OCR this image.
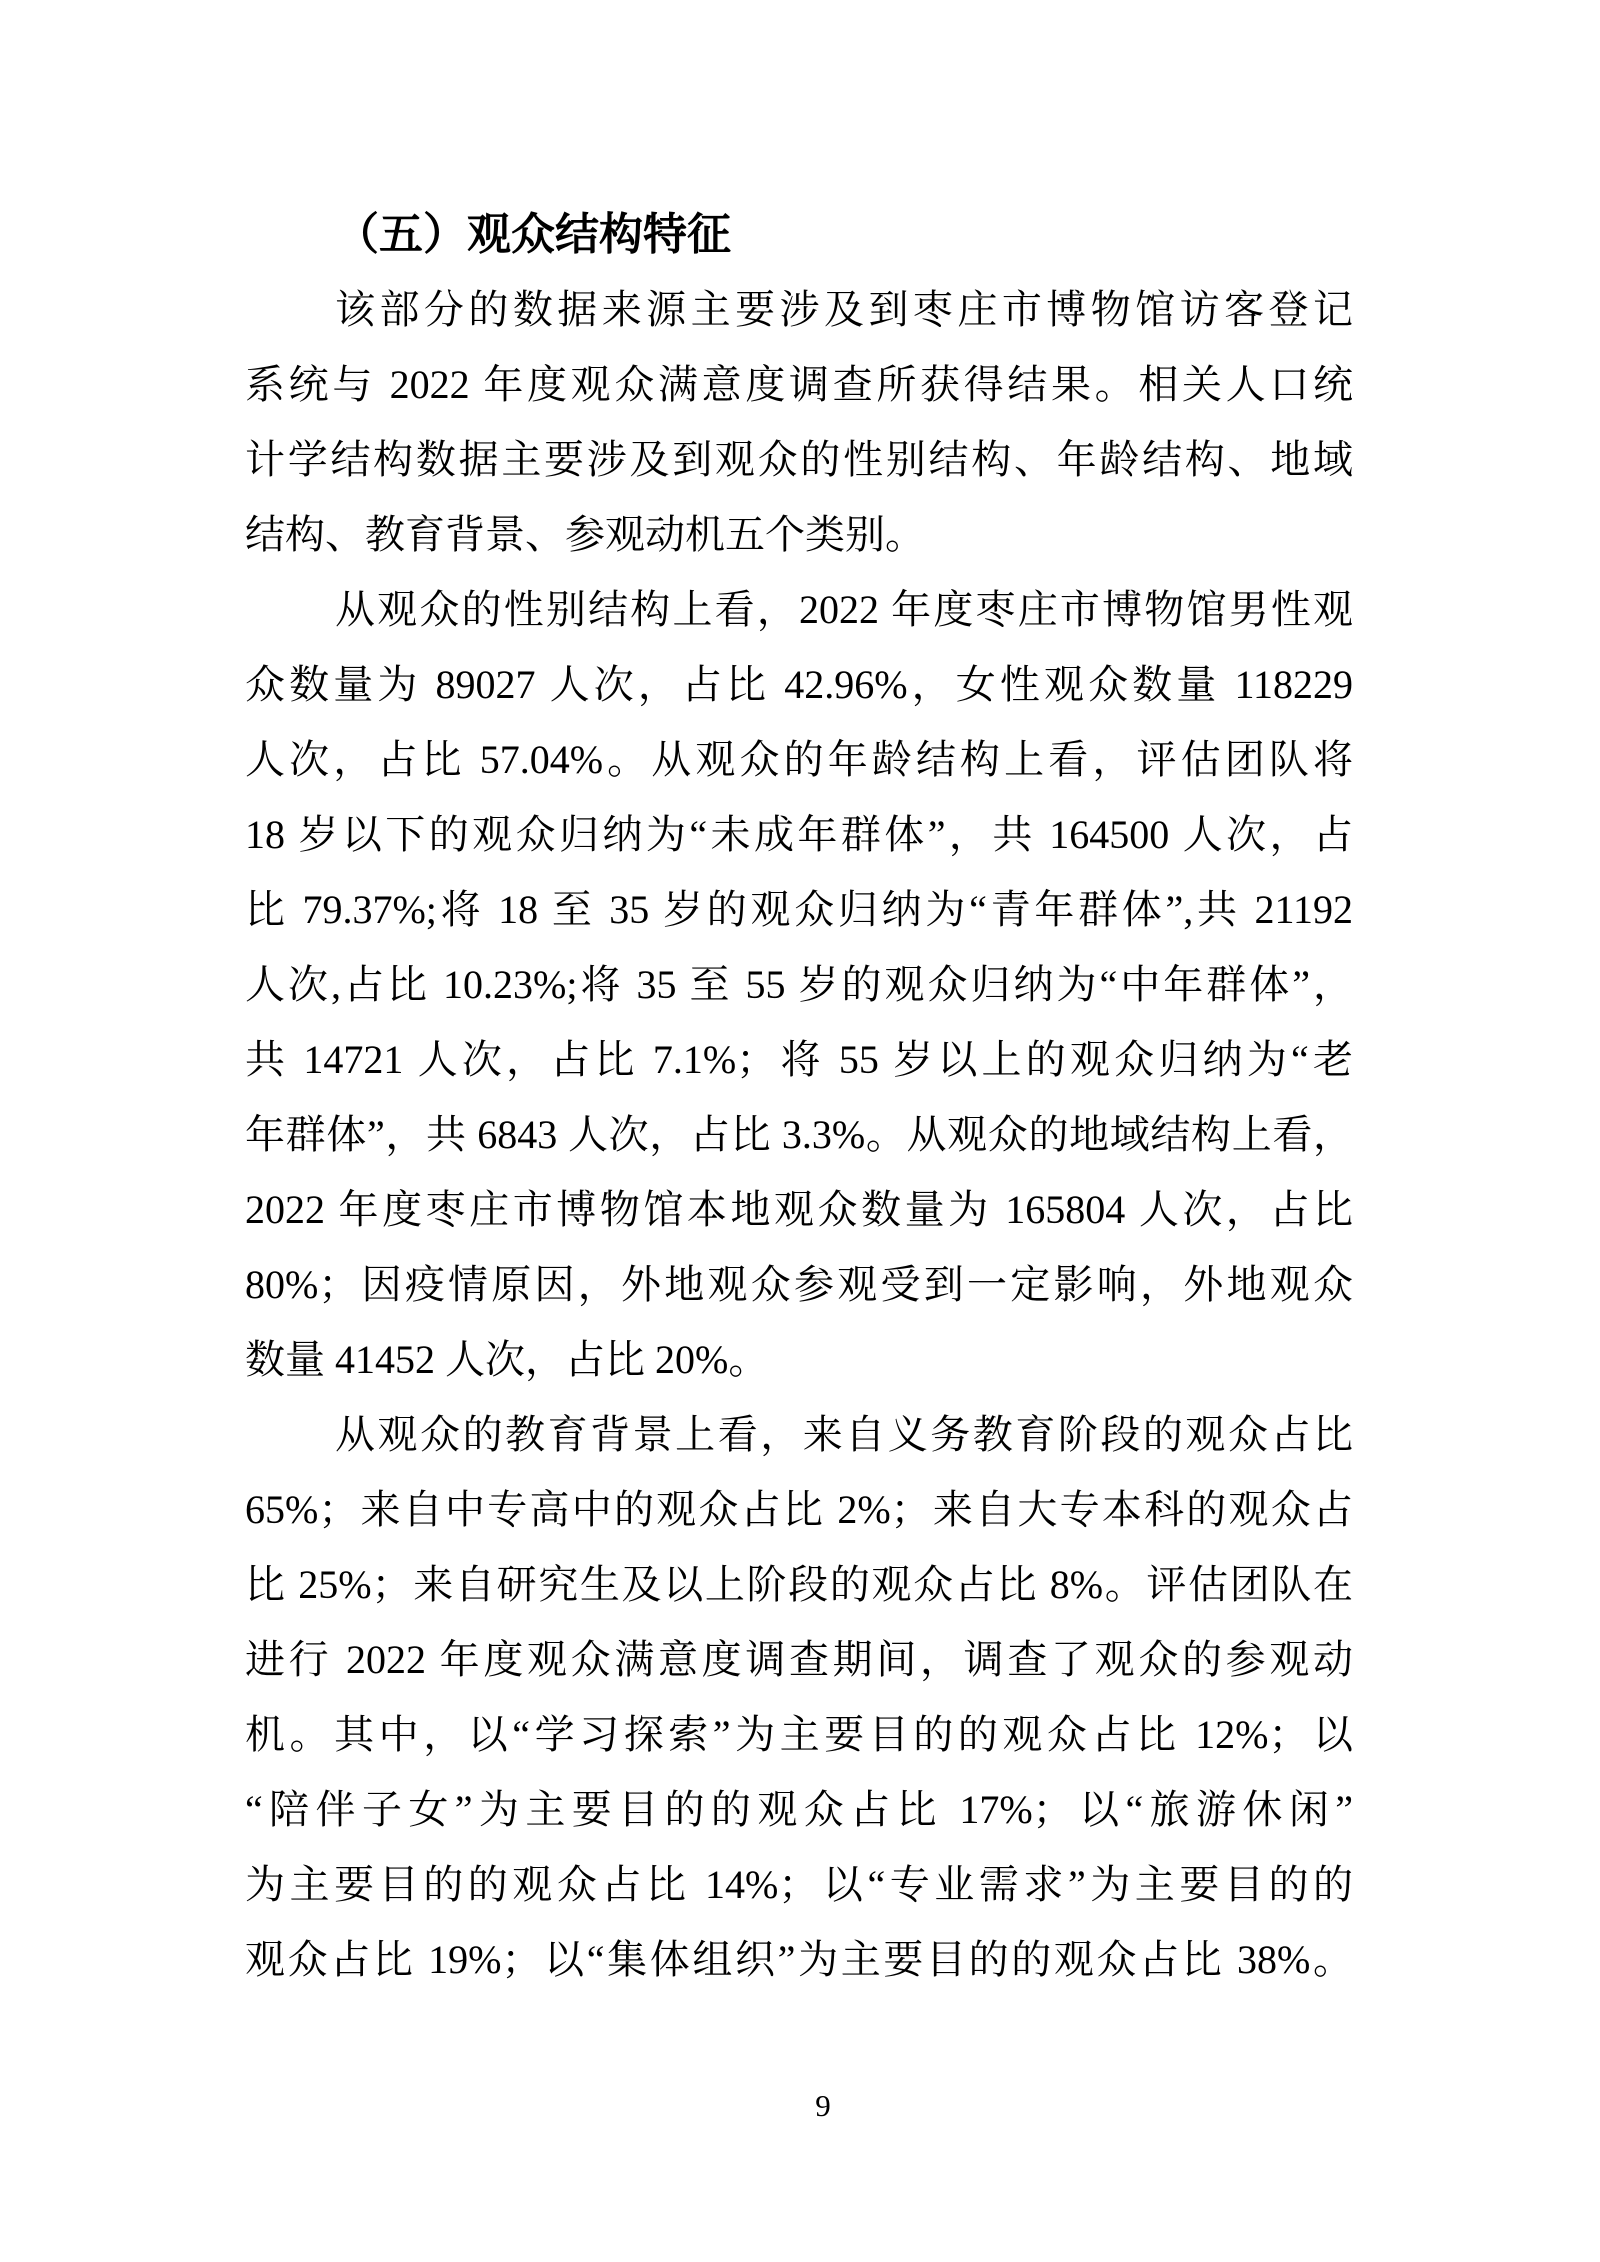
（五）观众结构特征
该部分的数据来源主要涉及到枣庄市博物馆访客登记
系统与 2022 年度观众满意度调查所获得结果。相关人口统
计学结构数据主要涉及到观众的性别结构、年龄结构、地域
结构、教育背景、参观动机五个类别。
从观众的性别结构上看，2022 年度枣庄市博物馆男性观
众数量为 89027 人次，占比 42.96%，女性观众数量 118229
人次，占比 57.04%。从观众的年龄结构上看，评估团队将
18 岁以下的观众归纳为“未成年群体”，共 164500 人次，占
比 79.37%;将 18 至 35 岁的观众归纳为“青年群体”,共 21192
人次,占比 10.23%;将 35 至 55 岁的观众归纳为“中年群体”，
共 14721 人次，占比 7.1%；将 55 岁以上的观众归纳为“老
年群体”，共 6843 人次，占比 3.3%。从观众的地域结构上看，
2022 年度枣庄市博物馆本地观众数量为 165804 人次，占比
80%；因疫情原因，外地观众参观受到一定影响，外地观众
数量 41452 人次，占比 20%。
从观众的教育背景上看，来自义务教育阶段的观众占比
65%；来自中专高中的观众占比 2%；来自大专本科的观众占
比 25%；来自研究生及以上阶段的观众占比 8%。评估团队在
进行 2022 年度观众满意度调查期间，调查了观众的参观动
机。其中，以“学习探索”为主要目的的观众占比 12%；以
“陪伴子女”为主要目的的观众占比 17%；以“旅游休闲”
为主要目的的观众占比 14%；以“专业需求”为主要目的的
观众占比 19%；以“集体组织”为主要目的的观众占比 38%。
9
